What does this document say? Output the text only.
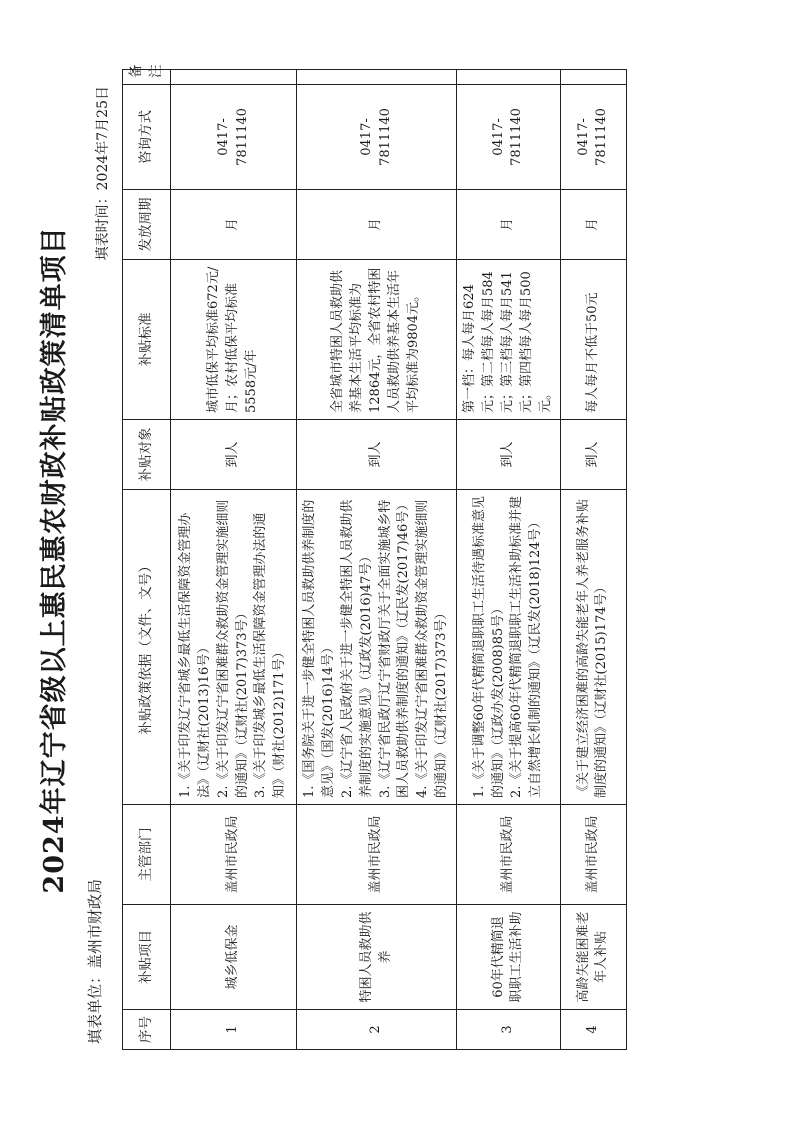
2024年辽宁省级以上惠民惠农财政补贴政策清单项目
填表单位：盖州市财政局
填表时间：2024年7月25日
序号	补贴项目	主管部门	补贴政策依据（文件、文号）	补贴对象	补贴标准	发放周期	咨询方式	备注
1	城乡低保金	盖州市民政局	1.《关于印发辽宁省城乡最低生活保障资金管理办法》（辽财社(2013)16号） 2.《关于印发辽宁省困难群众救助资金管理实施细则的通知》（辽财社(2017)373号） 3.《关于印发城乡最低生活保障资金管理办法的通知》（财社(2012)171号）	到人	城市低保平均标准672元/月；农村低保平均标准5558元/年	月	0417-7811140	
2	特困人员救助供养	盖州市民政局	1.《国务院关于进一步健全特困人员救助供养制度的意见》（国发(2016)14号） 2.《辽宁省人民政府关于进一步健全特困人员救助供养制度的实施意见》（辽政发(2016)47号） 3.《辽宁省民政厅辽宁省财政厅关于全面实施城乡特困人员救助供养制度的通知》（辽民发(2017)46号） 4.《关于印发辽宁省困难群众救助资金管理实施细则的通知》（辽财社(2017)373号）	到人	全省城市特困人员救助供养基本生活平均标准为12864元，全省农村特困人员救助供养基本生活年平均标准为9804元。	月	0417-7811140	
3	60年代精简退职职工生活补助	盖州市民政局	1.《关于调整60年代精简退职职工生活待遇标准意见的通知》（辽政办发(2008)85号） 2.《关于提高60年代精简退职职工生活补助标准并建立自然增长机制的通知》（辽民发(2018)124号）	到人	第一档：每人每月624元；第二档每人每月584元；第三档每人每月541元；第四档每人每月500元。	月	0417-7811140	
4	高龄失能困难老年人补贴	盖州市民政局	《关于建立经济困难的高龄失能老年人养老服务补贴制度的通知》（辽财社(2015)174号）	到人	每人每月不低于50元	月	0417-7811140	
